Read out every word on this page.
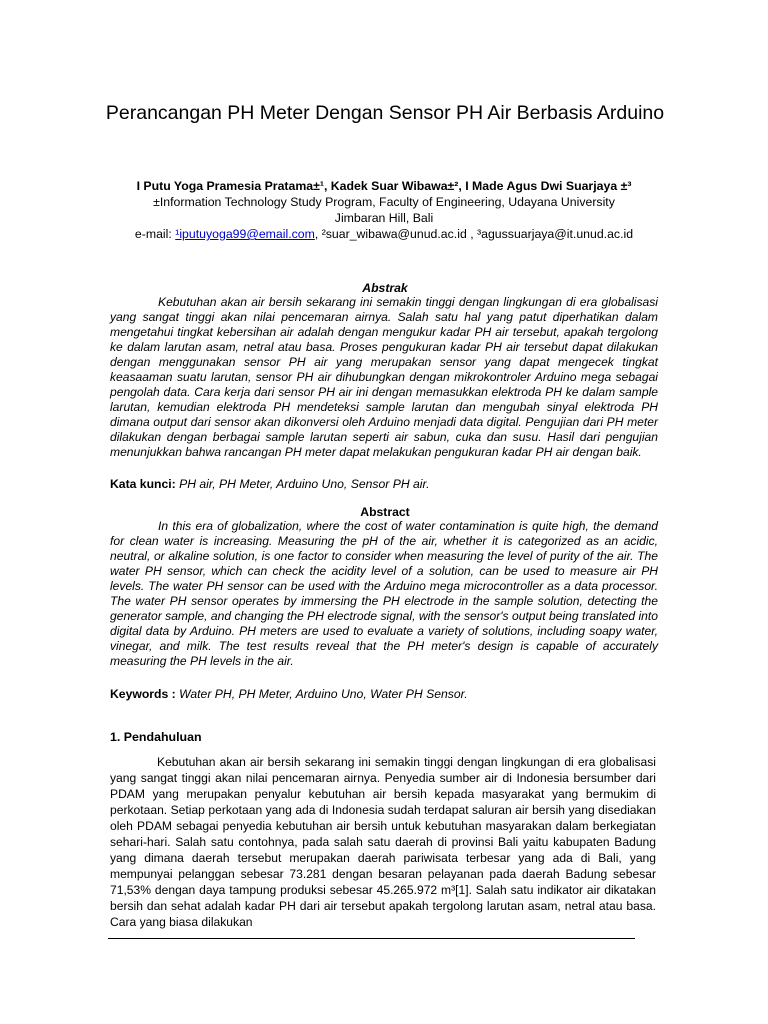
Perancangan PH Meter Dengan Sensor PH Air Berbasis Arduino
I Putu Yoga Pramesia Pratama±¹, Kadek Suar Wibawa±², I Made Agus Dwi Suarjaya ±³
±Information Technology Study Program, Faculty of Engineering, Udayana University
Jimbaran Hill, Bali
e-mail: ¹iputuyoga99@email.com, ²suar_wibawa@unud.ac.id , ³agussuarjaya@it.unud.ac.id
Abstrak

Kebutuhan akan air bersih sekarang ini semakin tinggi dengan lingkungan di era globalisasi yang sangat tinggi akan nilai pencemaran airnya. Salah satu hal yang patut diperhatikan dalam mengetahui tingkat kebersihan air adalah dengan mengukur kadar PH air tersebut, apakah tergolong ke dalam larutan asam, netral atau basa. Proses pengukuran kadar PH air tersebut dapat dilakukan dengan menggunakan sensor PH air yang merupakan sensor yang dapat mengecek tingkat keasaaman suatu larutan, sensor PH air dihubungkan dengan mikrokontroler Arduino mega sebagai pengolah data. Cara kerja dari sensor PH air ini dengan memasukkan elektroda PH ke dalam sample larutan, kemudian elektroda PH mendeteksi sample larutan dan mengubah sinyal elektroda PH dimana output dari sensor akan dikonversi oleh Arduino menjadi data digital. Pengujian dari PH meter dilakukan dengan berbagai sample larutan seperti air sabun, cuka dan susu. Hasil dari pengujian menunjukkan bahwa rancangan PH meter dapat melakukan pengukuran kadar PH air dengan baik.

Kata kunci: PH air, PH Meter, Arduino Uno, Sensor PH air.
Abstract

In this era of globalization, where the cost of water contamination is quite high, the demand for clean water is increasing. Measuring the pH of the air, whether it is categorized as an acidic, neutral, or alkaline solution, is one factor to consider when measuring the level of purity of the air. The water PH sensor, which can check the acidity level of a solution, can be used to measure air PH levels. The water PH sensor can be used with the Arduino mega microcontroller as a data processor. The water PH sensor operates by immersing the PH electrode in the sample solution, detecting the generator sample, and changing the PH electrode signal, with the sensor's output being translated into digital data by Arduino. PH meters are used to evaluate a variety of solutions, including soapy water, vinegar, and milk. The test results reveal that the PH meter's design is capable of accurately measuring the PH levels in the air.

Keywords : Water PH, PH Meter, Arduino Uno, Water PH Sensor.
1. Pendahuluan

Kebutuhan akan air bersih sekarang ini semakin tinggi dengan lingkungan di era globalisasi yang sangat tinggi akan nilai pencemaran airnya. Penyedia sumber air di Indonesia bersumber dari PDAM yang merupakan penyalur kebutuhan air bersih kepada masyarakat yang bermukim di perkotaan. Setiap perkotaan yang ada di Indonesia sudah terdapat saluran air bersih yang disediakan oleh PDAM sebagai penyedia kebutuhan air bersih untuk kebutuhan masyarakan dalam berkegiatan sehari-hari. Salah satu contohnya, pada salah satu daerah di provinsi Bali yaitu kabupaten Badung yang dimana daerah tersebut merupakan daerah pariwisata terbesar yang ada di Bali, yang mempunyai pelanggan sebesar 73.281 dengan besaran pelayanan pada daerah Badung sebesar 71,53% dengan daya tampung produksi sebesar 45.265.972 m³[1]. Salah satu indikator air dikatakan bersih dan sehat adalah kadar PH dari air tersebut apakah tergolong larutan asam, netral atau basa. Cara yang biasa dilakukan
